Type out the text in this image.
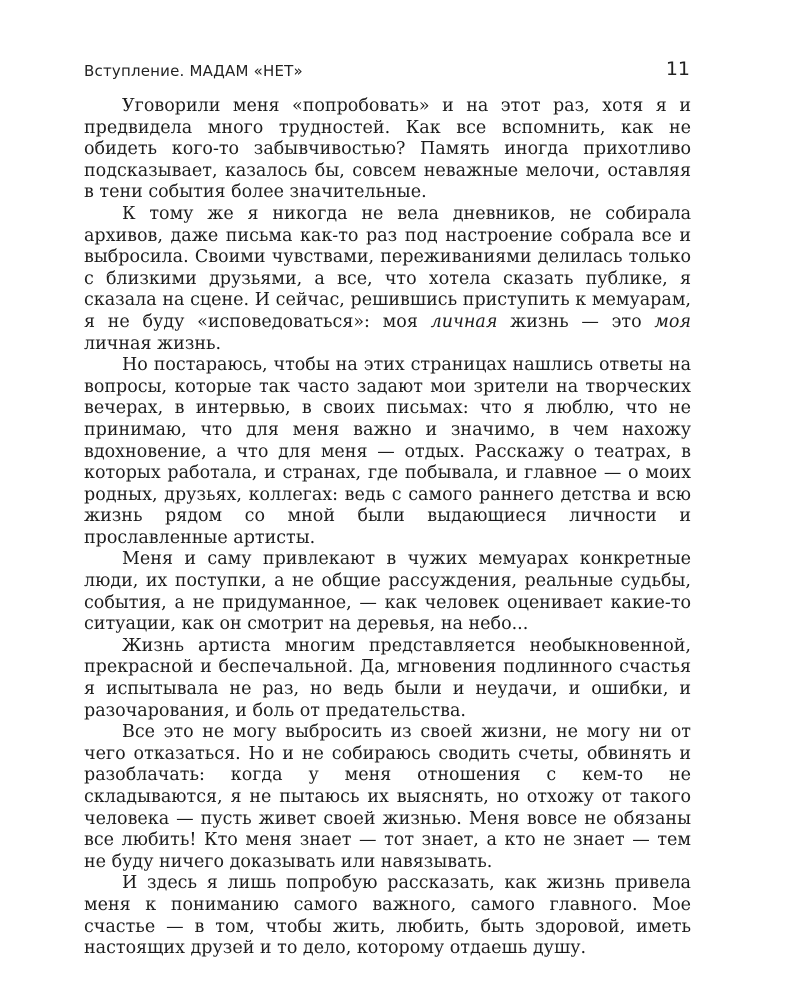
Вступление. МАДАМ «НЕТ»	11

Уговорили меня «попробовать» и на этот раз, хотя я и предвидела много трудностей. Как все вспомнить, как не обидеть кого-то забывчивостью? Память иногда прихотливо подсказывает, казалось бы, совсем неважные мелочи, оставляя в тени события более значительные.

К тому же я никогда не вела дневников, не собирала архивов, даже письма как-то раз под настроение собрала все и выбросила. Своими чувствами, переживаниями делилась только с близкими друзьями, а все, что хотела сказать публике, я сказала на сцене. И сейчас, решившись приступить к мемуарам, я не буду «исповедоваться»: моя личная жизнь — это моя личная жизнь.

Но постараюсь, чтобы на этих страницах нашлись ответы на вопросы, которые так часто задают мои зрители на творческих вечерах, в интервью, в своих письмах: что я люблю, что не принимаю, что для меня важно и значимо, в чем нахожу вдохновение, а что для меня — отдых. Расскажу о театрах, в которых работала, и странах, где побывала, и главное — о моих родных, друзьях, коллегах: ведь с самого раннего детства и всю жизнь рядом со мной были выдающиеся личности и прославленные артисты.

Меня и саму привлекают в чужих мемуарах конкретные люди, их поступки, а не общие рассуждения, реальные судьбы, события, а не придуманное, — как человек оценивает какие-то ситуации, как он смотрит на деревья, на небо...

Жизнь артиста многим представляется необыкновенной, прекрасной и беспечальной. Да, мгновения подлинного счастья я испытывала не раз, но ведь были и неудачи, и ошибки, и разочарования, и боль от предательства.

Все это не могу выбросить из своей жизни, не могу ни от чего отказаться. Но и не собираюсь сводить счеты, обвинять и разоблачать: когда у меня отношения с кем-то не складываются, я не пытаюсь их выяснять, но отхожу от такого человека — пусть живет своей жизнью. Меня вовсе не обязаны все любить! Кто меня знает — тот знает, а кто не знает — тем не буду ничего доказывать или навязывать.

И здесь я лишь попробую рассказать, как жизнь привела меня к пониманию самого важного, самого главного. Мое счастье — в том, чтобы жить, любить, быть здоровой, иметь настоящих друзей и то дело, которому отдаешь душу.
